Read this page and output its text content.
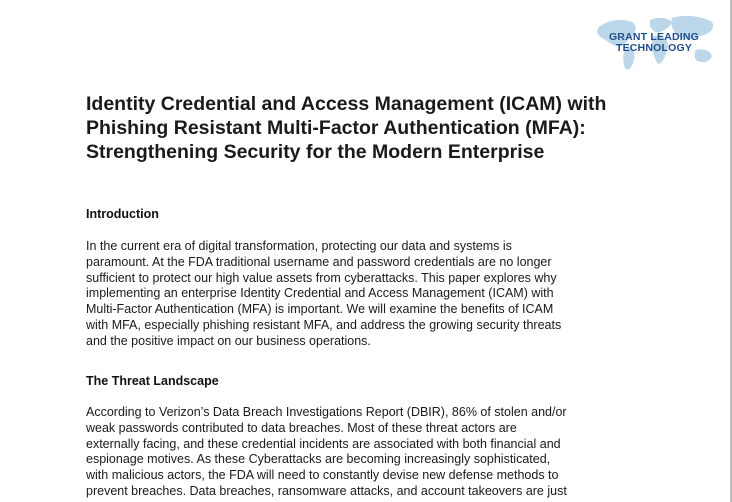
GRANT LEADING
TECHNOLOGY
Identity Credential and Access Management (ICAM) with Phishing Resistant Multi-Factor Authentication (MFA): Strengthening Security for the Modern Enterprise
Introduction
In the current era of digital transformation, protecting our data and systems is
paramount. At the FDA traditional username and password credentials are no longer
sufficient to protect our high value assets from cyberattacks. This paper explores why
implementing an enterprise Identity Credential and Access Management (ICAM) with
Multi-Factor Authentication (MFA) is important. We will examine the benefits of ICAM
with MFA, especially phishing resistant MFA, and address the growing security threats
and the positive impact on our business operations.
The Threat Landscape
According to Verizon’s Data Breach Investigations Report (DBIR), 86% of stolen and/or
weak passwords contributed to data breaches. Most of these threat actors are
externally facing, and these credential incidents are associated with both financial and
espionage motives. As these Cyberattacks are becoming increasingly sophisticated,
with malicious actors, the FDA will need to constantly devise new defense methods to
prevent breaches. Data breaches, ransomware attacks, and account takeovers are just
